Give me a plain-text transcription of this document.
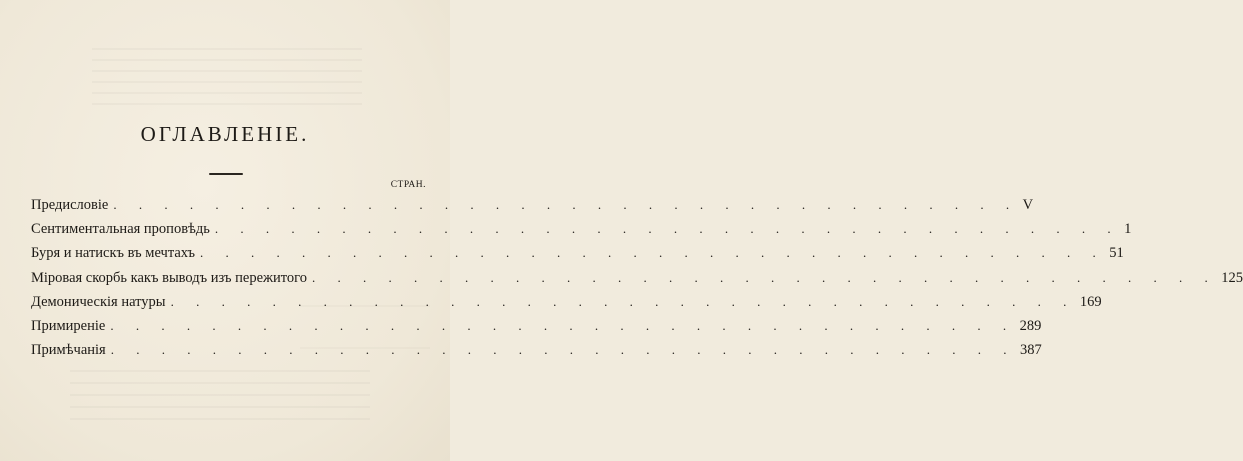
ОГЛАВЛЕНІЕ.
СТРАН.
Предисловіе . . . . . . . . . . . . . . . . . . . . . . . . . . . . . . . . . . . . V
Сентиментальная проповѣдь . . . . . . . . . . . . . . . . . . . . . . . . . . . . . . . . . . . . 1
Буря и натискъ въ мечтахъ . . . . . . . . . . . . . . . . . . . . . . . . . . . . . . . . . . . . 51
Міровая скорбь какъ выводъ изъ пережитого . . . . . . . . . . . . . . . . . . . . . . . . . . . . . . . . . . . . 125
Демоническія натуры . . . . . . . . . . . . . . . . . . . . . . . . . . . . . . . . . . . . 169
Примиреніе . . . . . . . . . . . . . . . . . . . . . . . . . . . . . . . . . . . . 289
Примѣчанія . . . . . . . . . . . . . . . . . . . . . . . . . . . . . . . . . . . . 387
